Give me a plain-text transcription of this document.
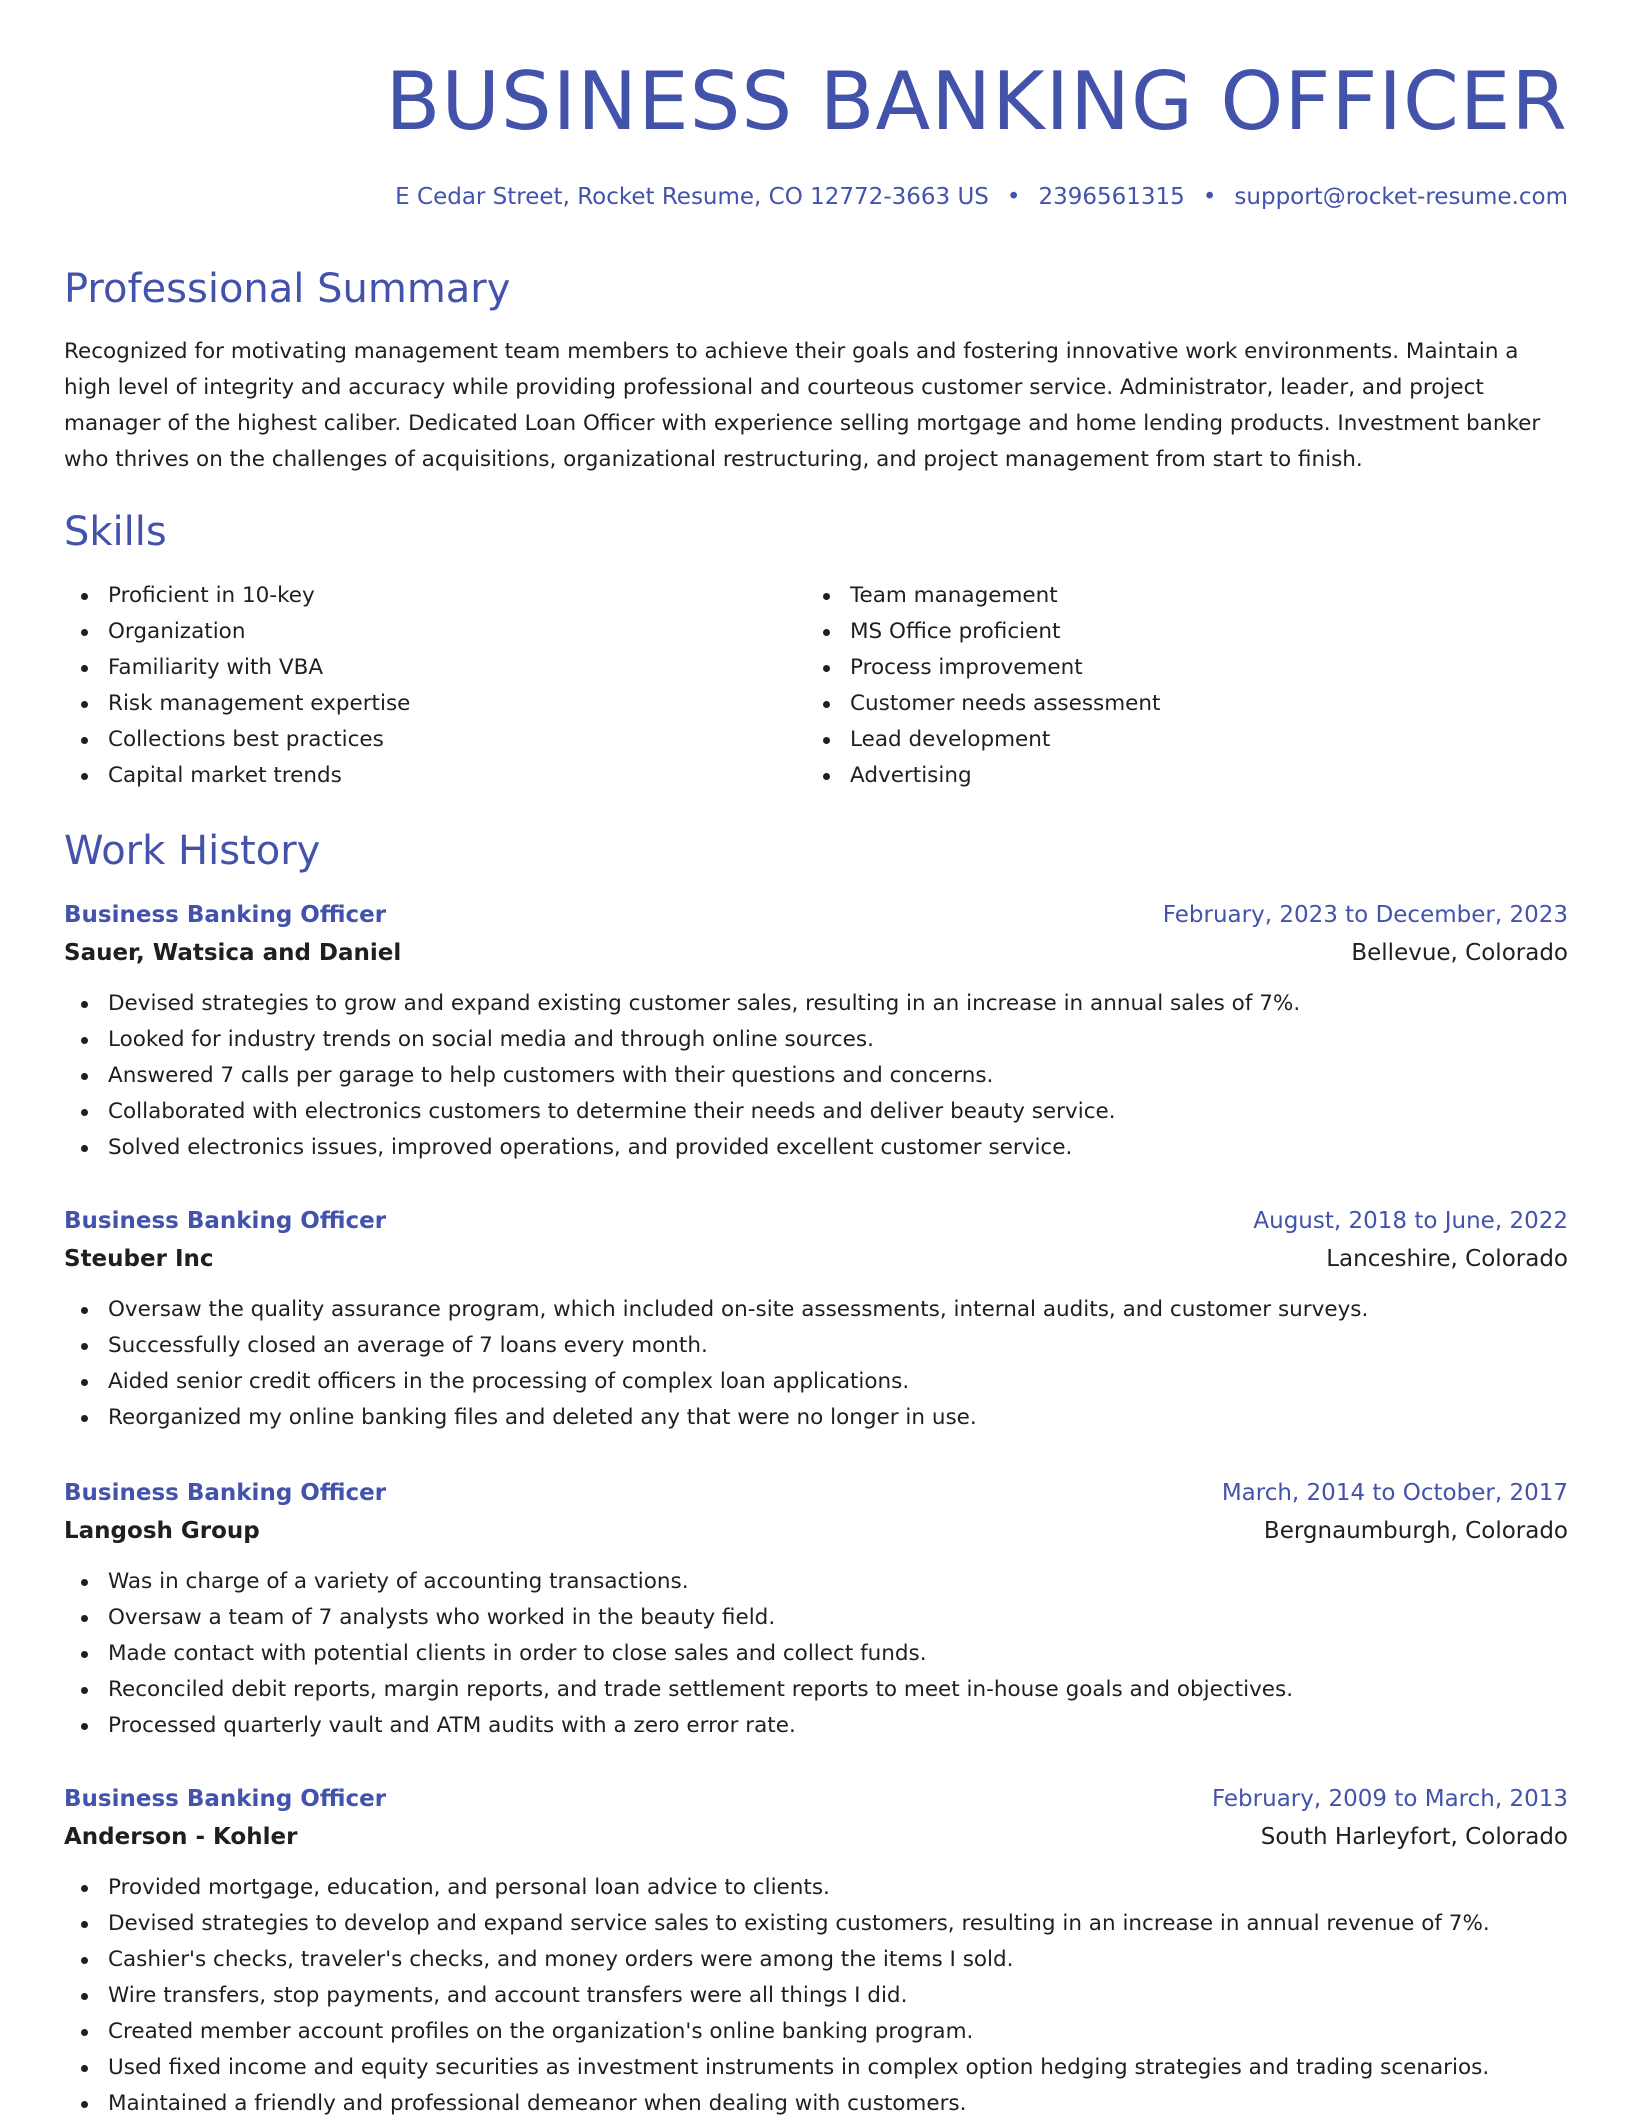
BUSINESS BANKING OFFICER
E Cedar Street, Rocket Resume, CO 12772-3663 US • 2396561315 • support@rocket-resume.com
Professional Summary

Recognized for motivating management team members to achieve their goals and fostering innovative work environments. Maintain a high level of integrity and accuracy while providing professional and courteous customer service. Administrator, leader, and project manager of the highest caliber. Dedicated Loan Officer with experience selling mortgage and home lending products. Investment banker who thrives on the challenges of acquisitions, organizational restructuring, and project management from start to finish.

Skills
Proficient in 10-key
Organization
Familiarity with VBA
Risk management expertise
Collections best practices
Capital market trends
Team management
MS Office proficient
Process improvement
Customer needs assessment
Lead development
Advertising
Work History
Business Banking Officer	February, 2023 to December, 2023
Sauer, Watsica and Daniel	Bellevue, Colorado
Devised strategies to grow and expand existing customer sales, resulting in an increase in annual sales of 7%.
Looked for industry trends on social media and through online sources.
Answered 7 calls per garage to help customers with their questions and concerns.
Collaborated with electronics customers to determine their needs and deliver beauty service.
Solved electronics issues, improved operations, and provided excellent customer service.
Business Banking Officer	August, 2018 to June, 2022
Steuber Inc	Lanceshire, Colorado
Oversaw the quality assurance program, which included on-site assessments, internal audits, and customer surveys.
Successfully closed an average of 7 loans every month.
Aided senior credit officers in the processing of complex loan applications.
Reorganized my online banking files and deleted any that were no longer in use.
Business Banking Officer	March, 2014 to October, 2017
Langosh Group	Bergnaumburgh, Colorado
Was in charge of a variety of accounting transactions.
Oversaw a team of 7 analysts who worked in the beauty field.
Made contact with potential clients in order to close sales and collect funds.
Reconciled debit reports, margin reports, and trade settlement reports to meet in-house goals and objectives.
Processed quarterly vault and ATM audits with a zero error rate.
Business Banking Officer	February, 2009 to March, 2013
Anderson - Kohler	South Harleyfort, Colorado
Provided mortgage, education, and personal loan advice to clients.
Devised strategies to develop and expand service sales to existing customers, resulting in an increase in annual revenue of 7%.
Cashier's checks, traveler's checks, and money orders were among the items I sold.
Wire transfers, stop payments, and account transfers were all things I did.
Created member account profiles on the organization's online banking program.
Used fixed income and equity securities as investment instruments in complex option hedging strategies and trading scenarios.
Maintained a friendly and professional demeanor when dealing with customers.
